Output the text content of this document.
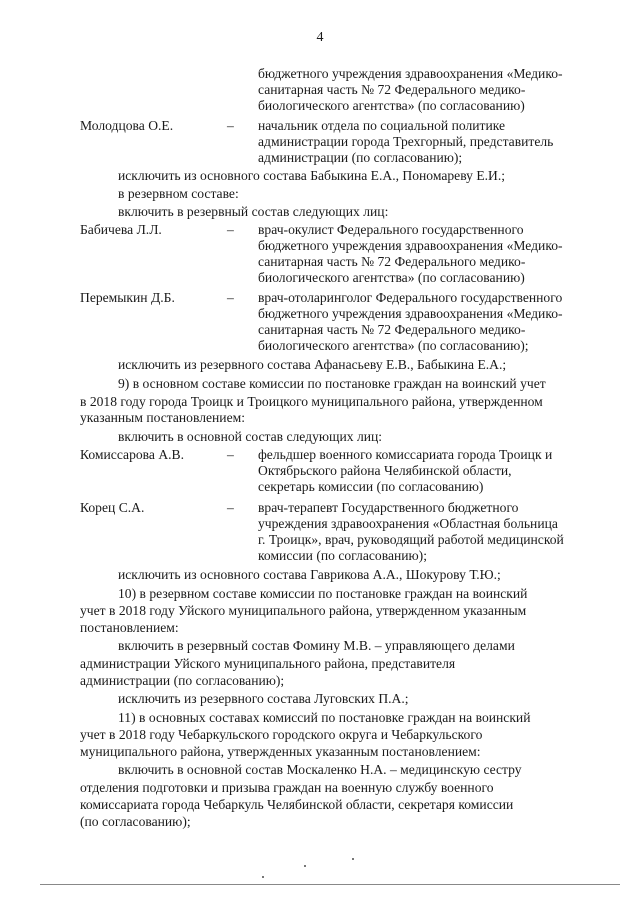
4
бюджетного учреждения здравоохранения «Медико-
санитарная часть № 72 Федерального медико-
биологического агентства» (по согласованию)
Молодцова О.Е.	– начальник отдела по социальной политике
администрации города Трехгорный, представитель
администрации (по согласованию);
исключить из основного состава Бабыкина Е.А., Пономареву Е.И.;
в резервном составе:
включить в резервный состав следующих лиц:
Бабичева Л.Л.	– врач-окулист Федерального государственного
бюджетного учреждения здравоохранения «Медико-
санитарная часть № 72 Федерального медико-
биологического агентства» (по согласованию)
Перемыкин Д.Б.	– врач-отоларинголог Федерального государственного
бюджетного учреждения здравоохранения «Медико-
санитарная часть № 72 Федерального медико-
биологического агентства» (по согласованию);
исключить из резервного состава Афанасьеву Е.В., Бабыкина Е.А.;
9) в основном составе комиссии по постановке граждан на воинский учет
в 2018 году города Троицк и Троицкого муниципального района, утвержденном
указанным постановлением:
включить в основной состав следующих лиц:
Комиссарова А.В.	– фельдшер военного комиссариата города Троицк и
Октябрьского района Челябинской области,
секретарь комиссии (по согласованию)
Корец С.А.	– врач-терапевт Государственного бюджетного
учреждения здравоохранения «Областная больница
г. Троицк», врач, руководящий работой медицинской
комиссии (по согласованию);
исключить из основного состава Гаврикова А.А., Шокурову Т.Ю.;
10) в резервном составе комиссии по постановке граждан на воинский
учет в 2018 году Уйского муниципального района, утвержденном указанным
постановлением:
включить в резервный состав Фомину М.В. – управляющего делами
администрации Уйского муниципального района, представителя
администрации (по согласованию);
исключить из резервного состава Луговских П.А.;
11) в основных составах комиссий по постановке граждан на воинский
учет в 2018 году Чебаркульского городского округа и Чебаркульского
муниципального района, утвержденных указанным постановлением:
включить в основной состав Москаленко Н.А. – медицинскую сестру
отделения подготовки и призыва граждан на военную службу военного
комиссариата города Чебаркуль Челябинской области, секретаря комиссии
(по согласованию);
